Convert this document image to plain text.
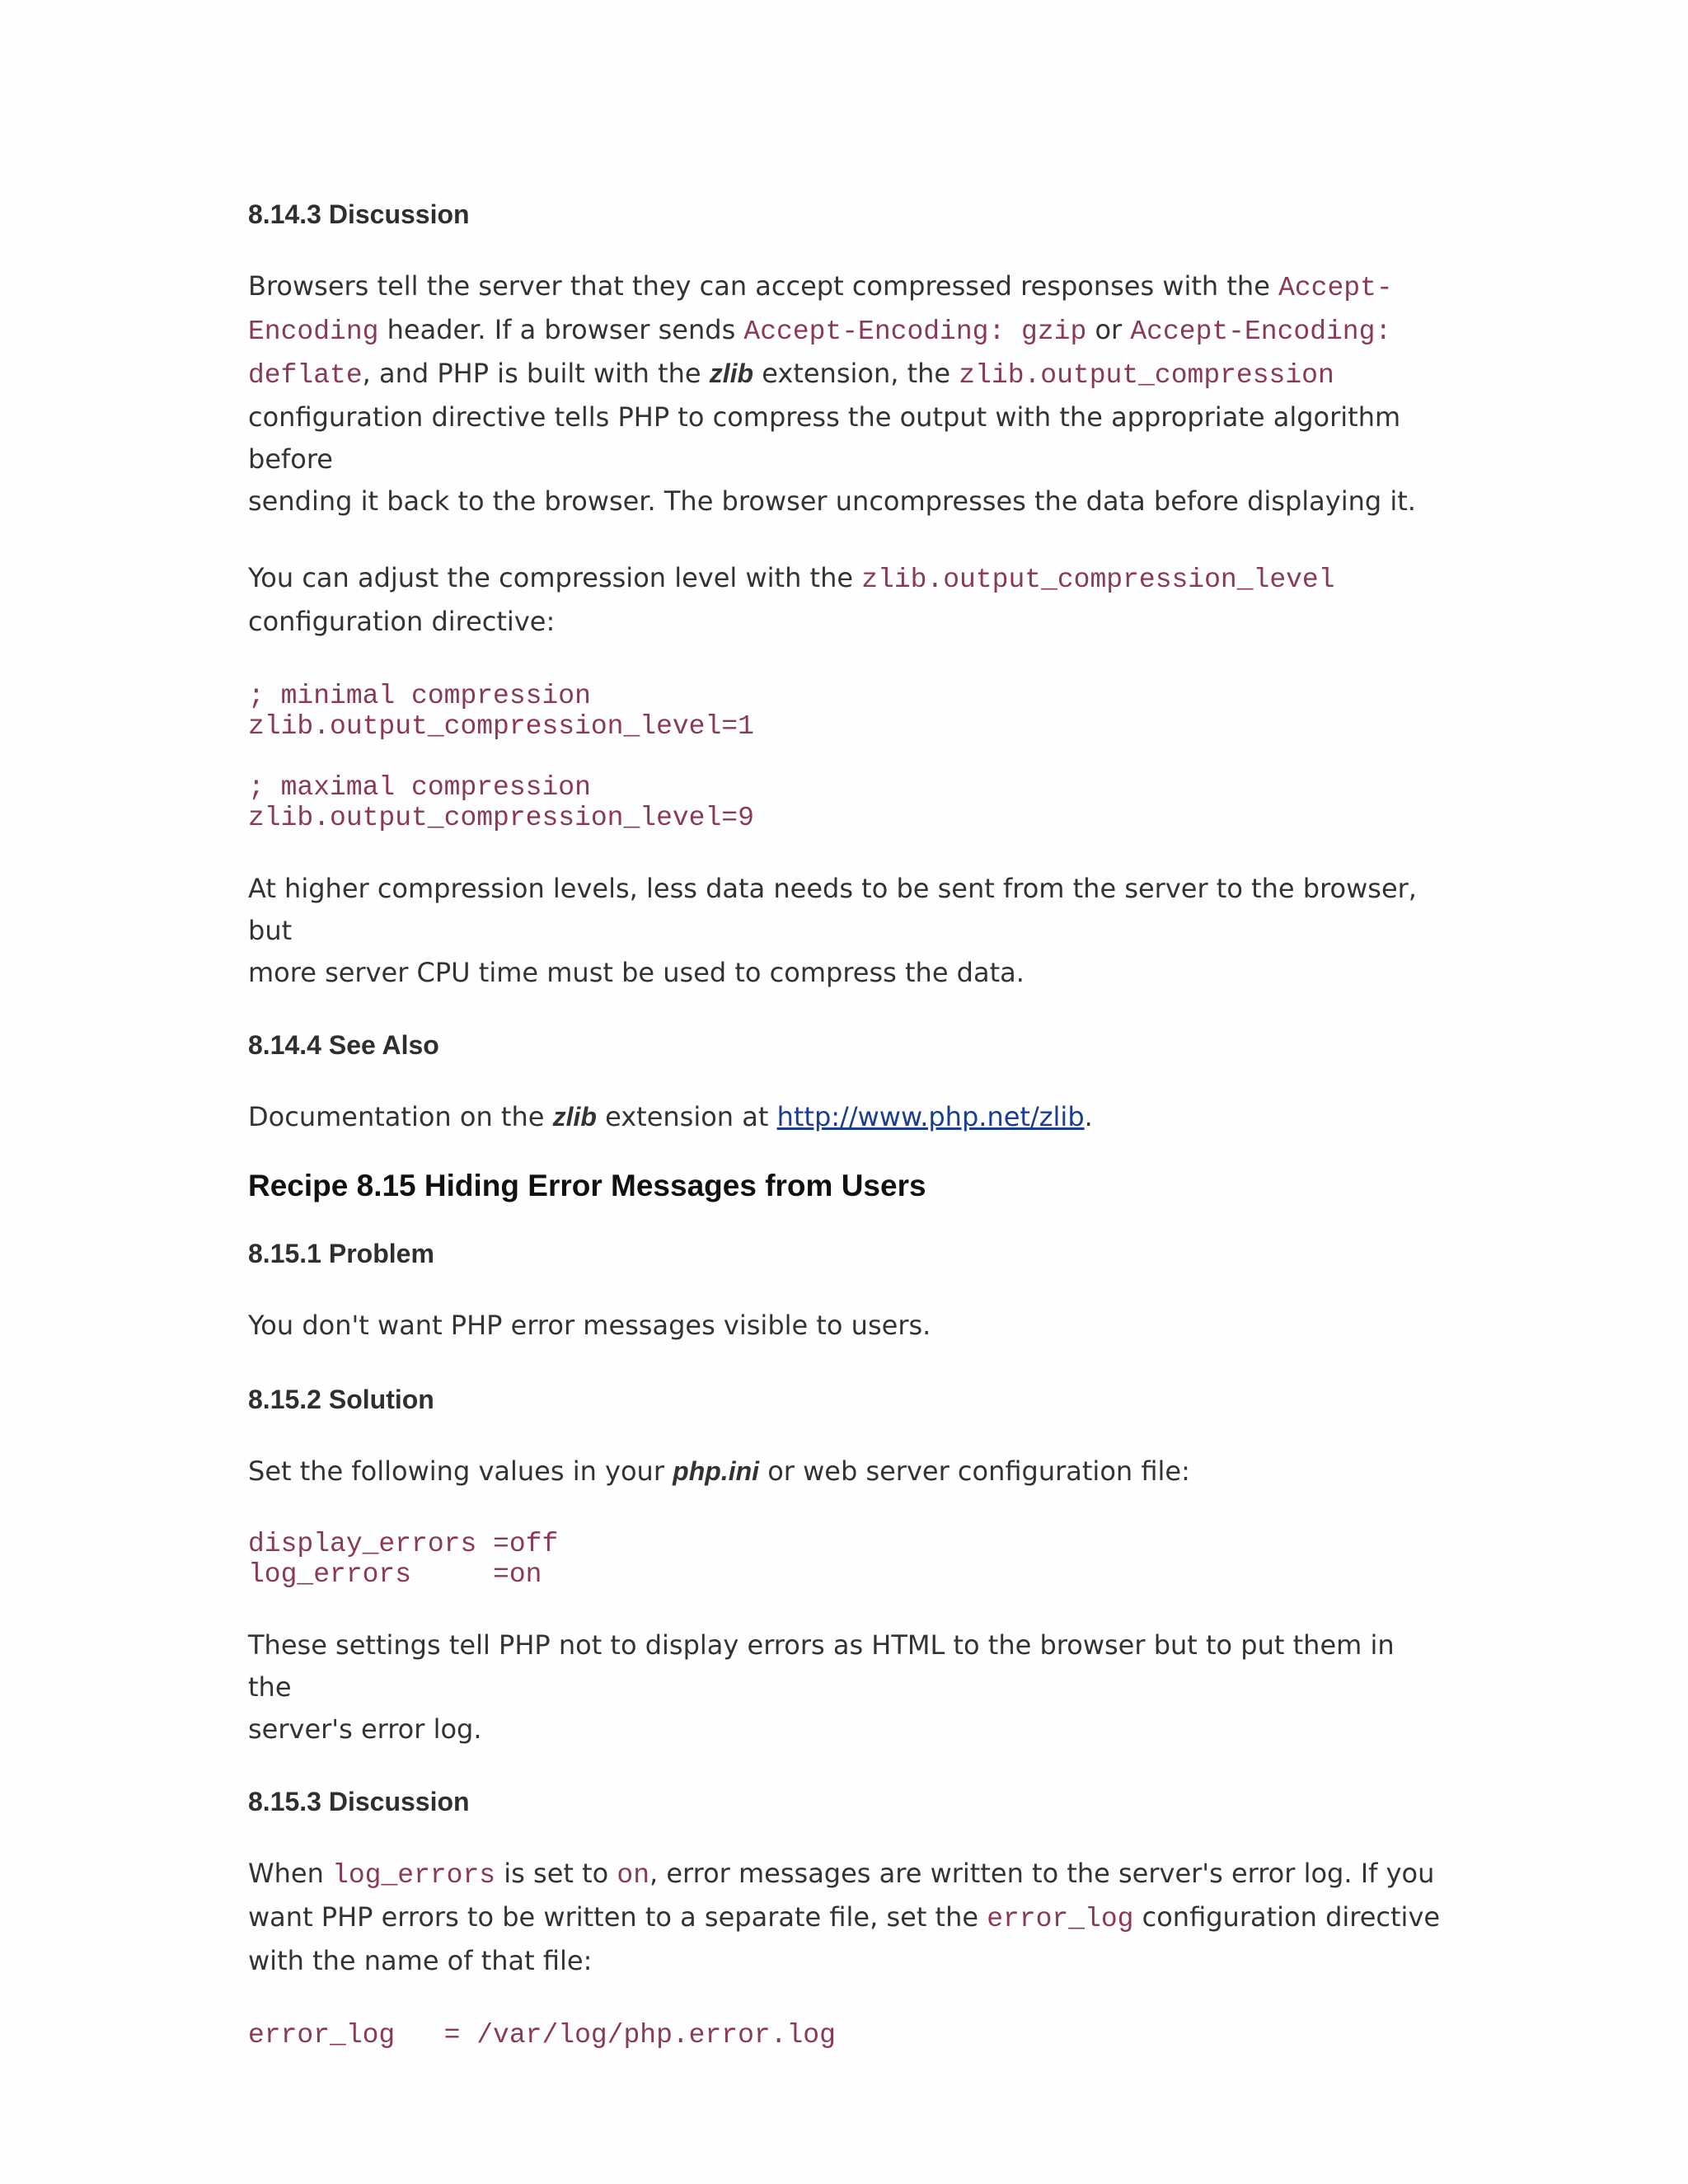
8.14.3 Discussion

Browsers tell the server that they can accept compressed responses with the Accept-
Encoding header. If a browser sends Accept-Encoding: gzip or Accept-Encoding:
deflate, and PHP is built with the zlib extension, the zlib.output_compression
configuration directive tells PHP to compress the output with the appropriate algorithm before
sending it back to the browser. The browser uncompresses the data before displaying it.

You can adjust the compression level with the zlib.output_compression_level
configuration directive:

; minimal compression
zlib.output_compression_level=1

; maximal compression
zlib.output_compression_level=9

At higher compression levels, less data needs to be sent from the server to the browser, but
more server CPU time must be used to compress the data.

8.14.4 See Also

Documentation on the zlib extension at http://www.php.net/zlib.

Recipe 8.15 Hiding Error Messages from Users
8.15.1 Problem

You don't want PHP error messages visible to users.

8.15.2 Solution

Set the following values in your php.ini or web server configuration file:

display_errors =off
log_errors     =on

These settings tell PHP not to display errors as HTML to the browser but to put them in the
server's error log.

8.15.3 Discussion

When log_errors is set to on, error messages are written to the server's error log. If you
want PHP errors to be written to a separate file, set the error_log configuration directive
with the name of that file:

error_log   = /var/log/php.error.log
